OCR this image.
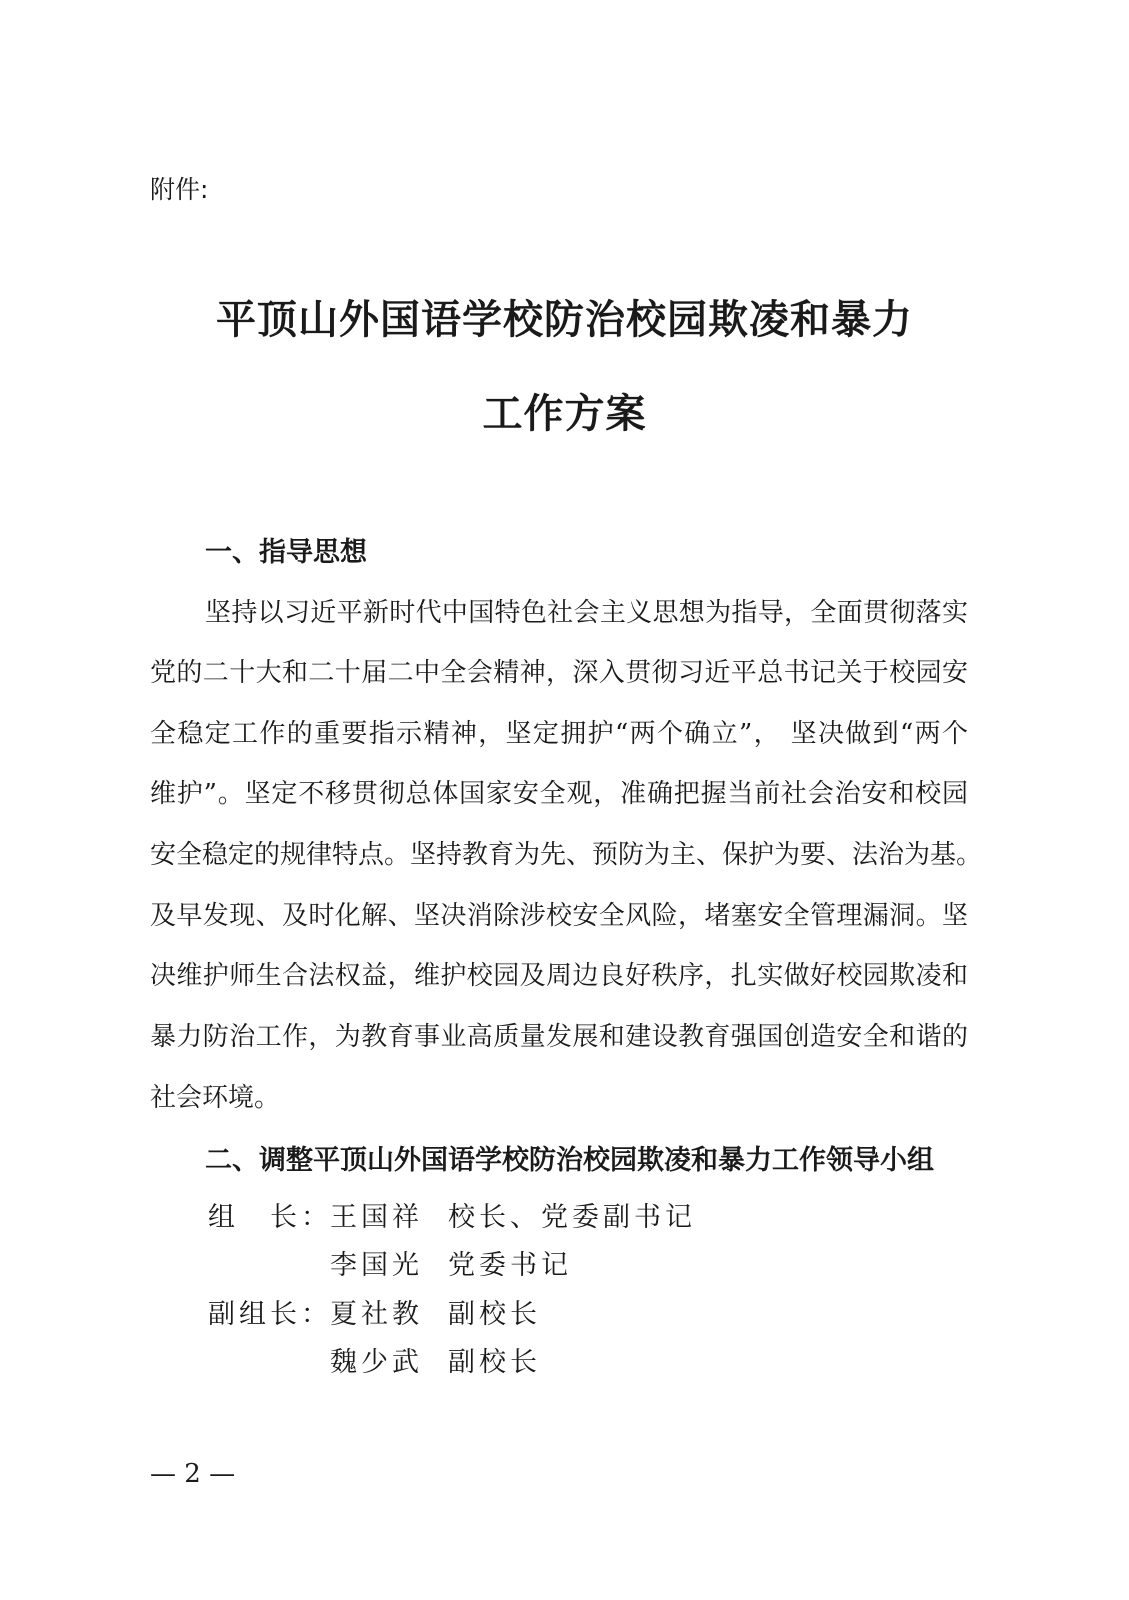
附件:
平顶山外国语学校防治校园欺凌和暴力
工作方案
一、指导思想
坚持以习近平新时代中国特色社会主义思想为指导，全面贯彻落实
党的二十大和二十届二中全会精神，深入贯彻习近平总书记关于校园安
全稳定工作的重要指示精神，坚定拥护“两个确立”， 坚决做到“两个
维护”。坚定不移贯彻总体国家安全观，准确把握当前社会治安和校园
安全稳定的规律特点。坚持教育为先、预防为主、保护为要、法治为基。
及早发现、及时化解、坚决消除涉校安全风险，堵塞安全管理漏洞。坚
决维护师生合法权益，维护校园及周边良好秩序，扎实做好校园欺凌和
暴力防治工作，为教育事业高质量发展和建设教育强国创造安全和谐的
社会环境。
二、调整平顶山外国语学校防治校园欺凌和暴力工作领导小组
组　长：
王国祥 校长、党委副书记
李国光 党委书记
副组长：
夏社教 副校长
魏少武 副校长
— 2 —
